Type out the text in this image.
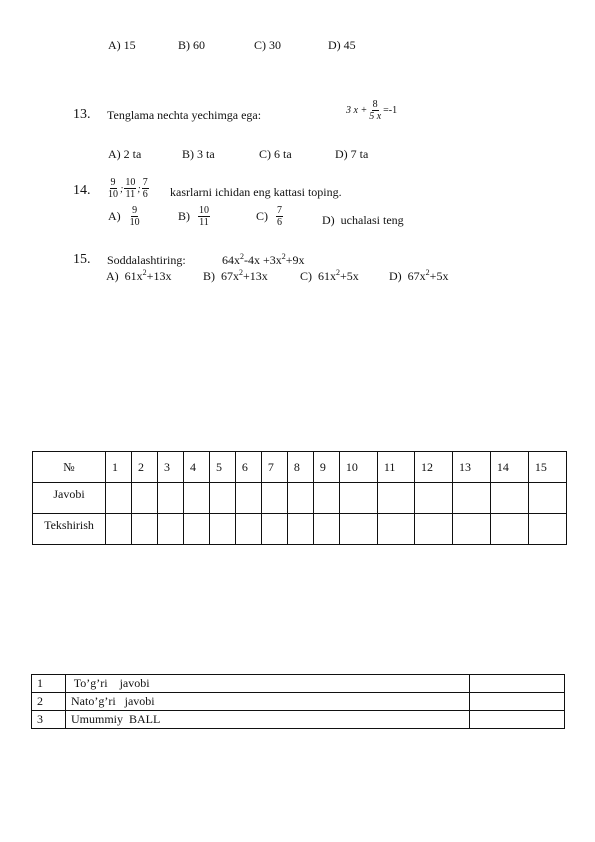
A) 15	B) 60	C) 30	D) 45
13. Tenglama nechta yechimga ega:	3 $x + \frac{8}{5 x} =-1$
A) 2 ta	B) 3 ta	C) 6 ta	D) 7 ta
14. $\frac{9}{10}$ ; $\frac{10}{11}$ ; $\frac{7}{6}$ kasrlarni ichidan eng kattasi toping.
$A) \frac{9}{10}$	$B) \frac{10}{11}$	$C) \frac{7}{6}$	D) uchalasi teng
15. Soddalashtiring:	$64x^2-4x +3x^2+9x$
A) $61x^2+13x$	B) $67x^2+13x$	C) $61x^2+5x$	D) $67x^2+5x$
№	1	2	3	4	5	6	7	8	9	10	11	12	13	14	15
Javobi															
Tekshirish															
1	To’g’ri    javobi	
2	Nato’g’ri   javobi	
3	Umummiy  BALL	
